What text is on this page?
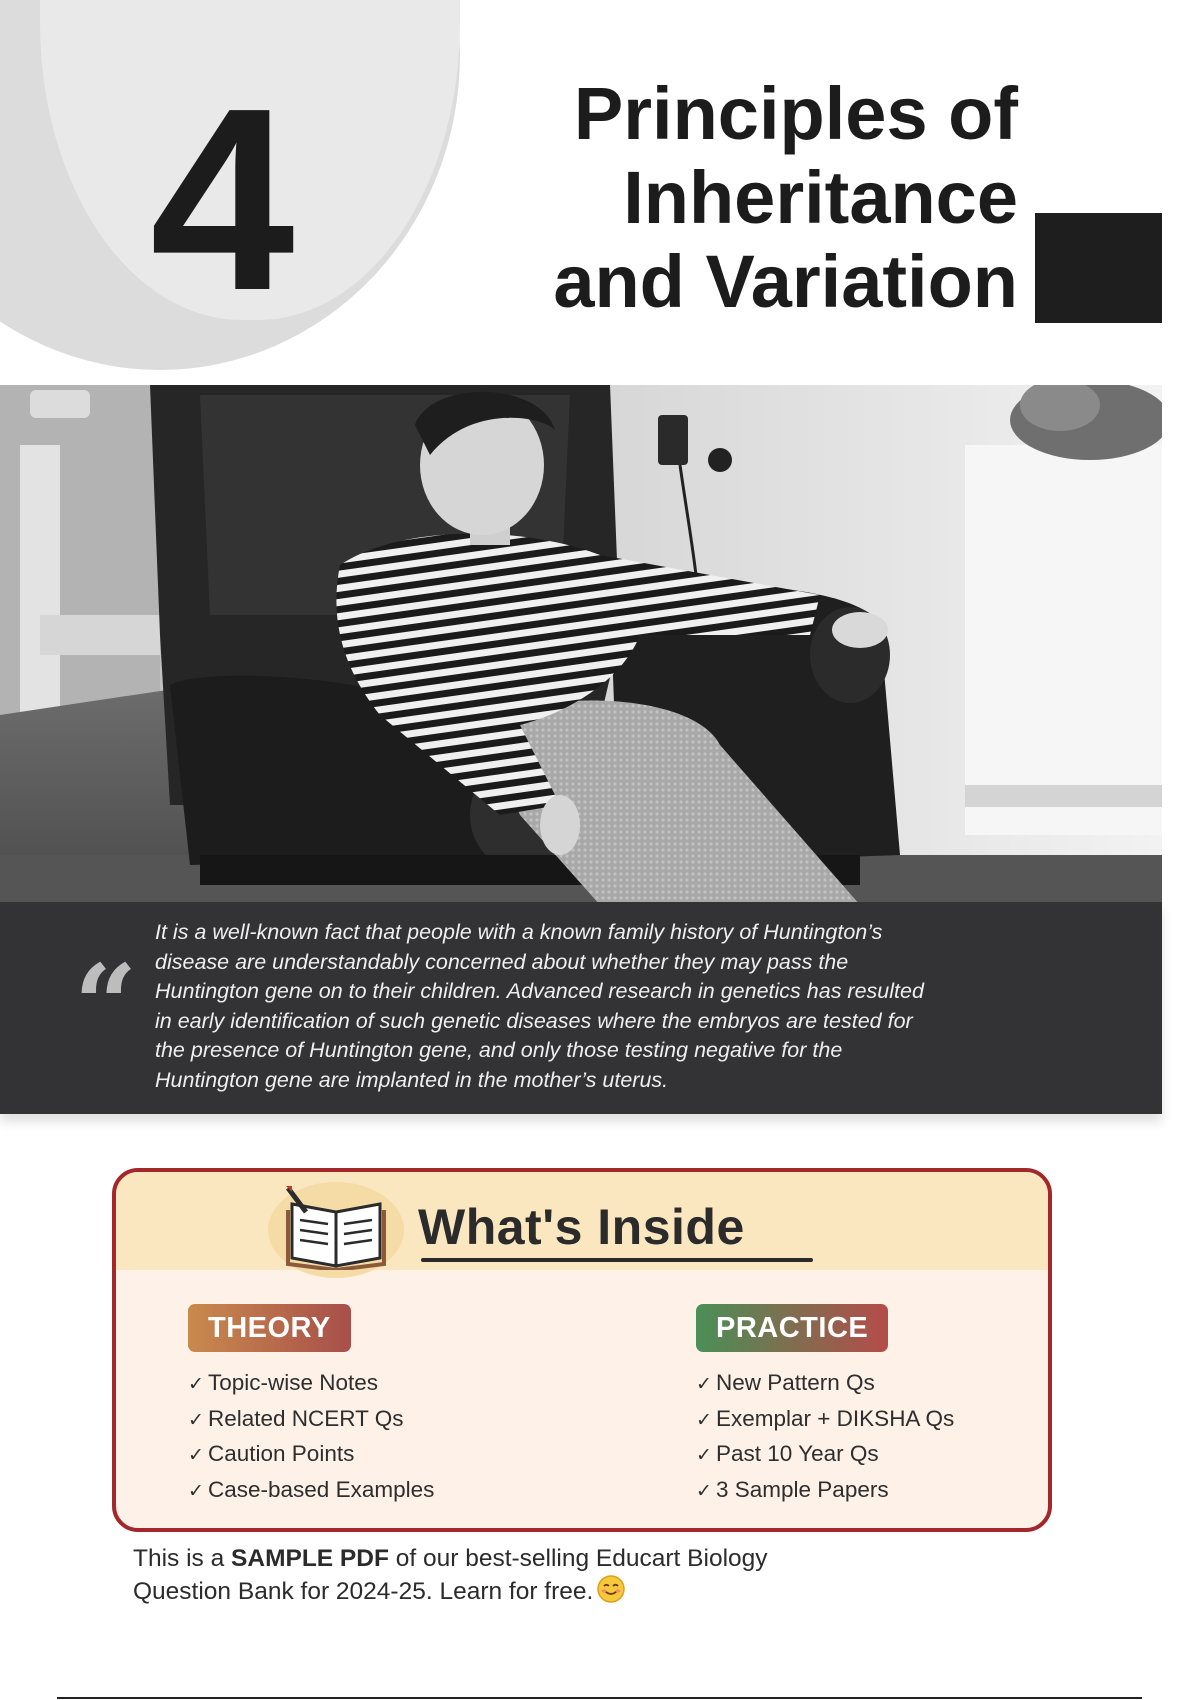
4	Principles of
Inheritance
and Variation
“
It is a well-known fact that people with a known family history of Huntington’s
disease are understandably concerned about whether they may pass the
Huntington gene on to their children. Advanced research in genetics has resulted
in early identification of such genetic diseases where the embryos are tested for
the presence of Huntington gene, and only those testing negative for the
Huntington gene are implanted in the mother’s uterus.
What's Inside
THEORY
✓ Topic-wise Notes
✓ Related NCERT Qs
✓ Caution Points
✓ Case-based Examples
PRACTICE
✓ New Pattern Qs
✓ Exemplar + DIKSHA Qs
✓ Past 10 Year Qs
✓ 3 Sample Papers
This is a SAMPLE PDF of our best-selling Educart Biology
Question Bank for 2024-25. Learn for free.
